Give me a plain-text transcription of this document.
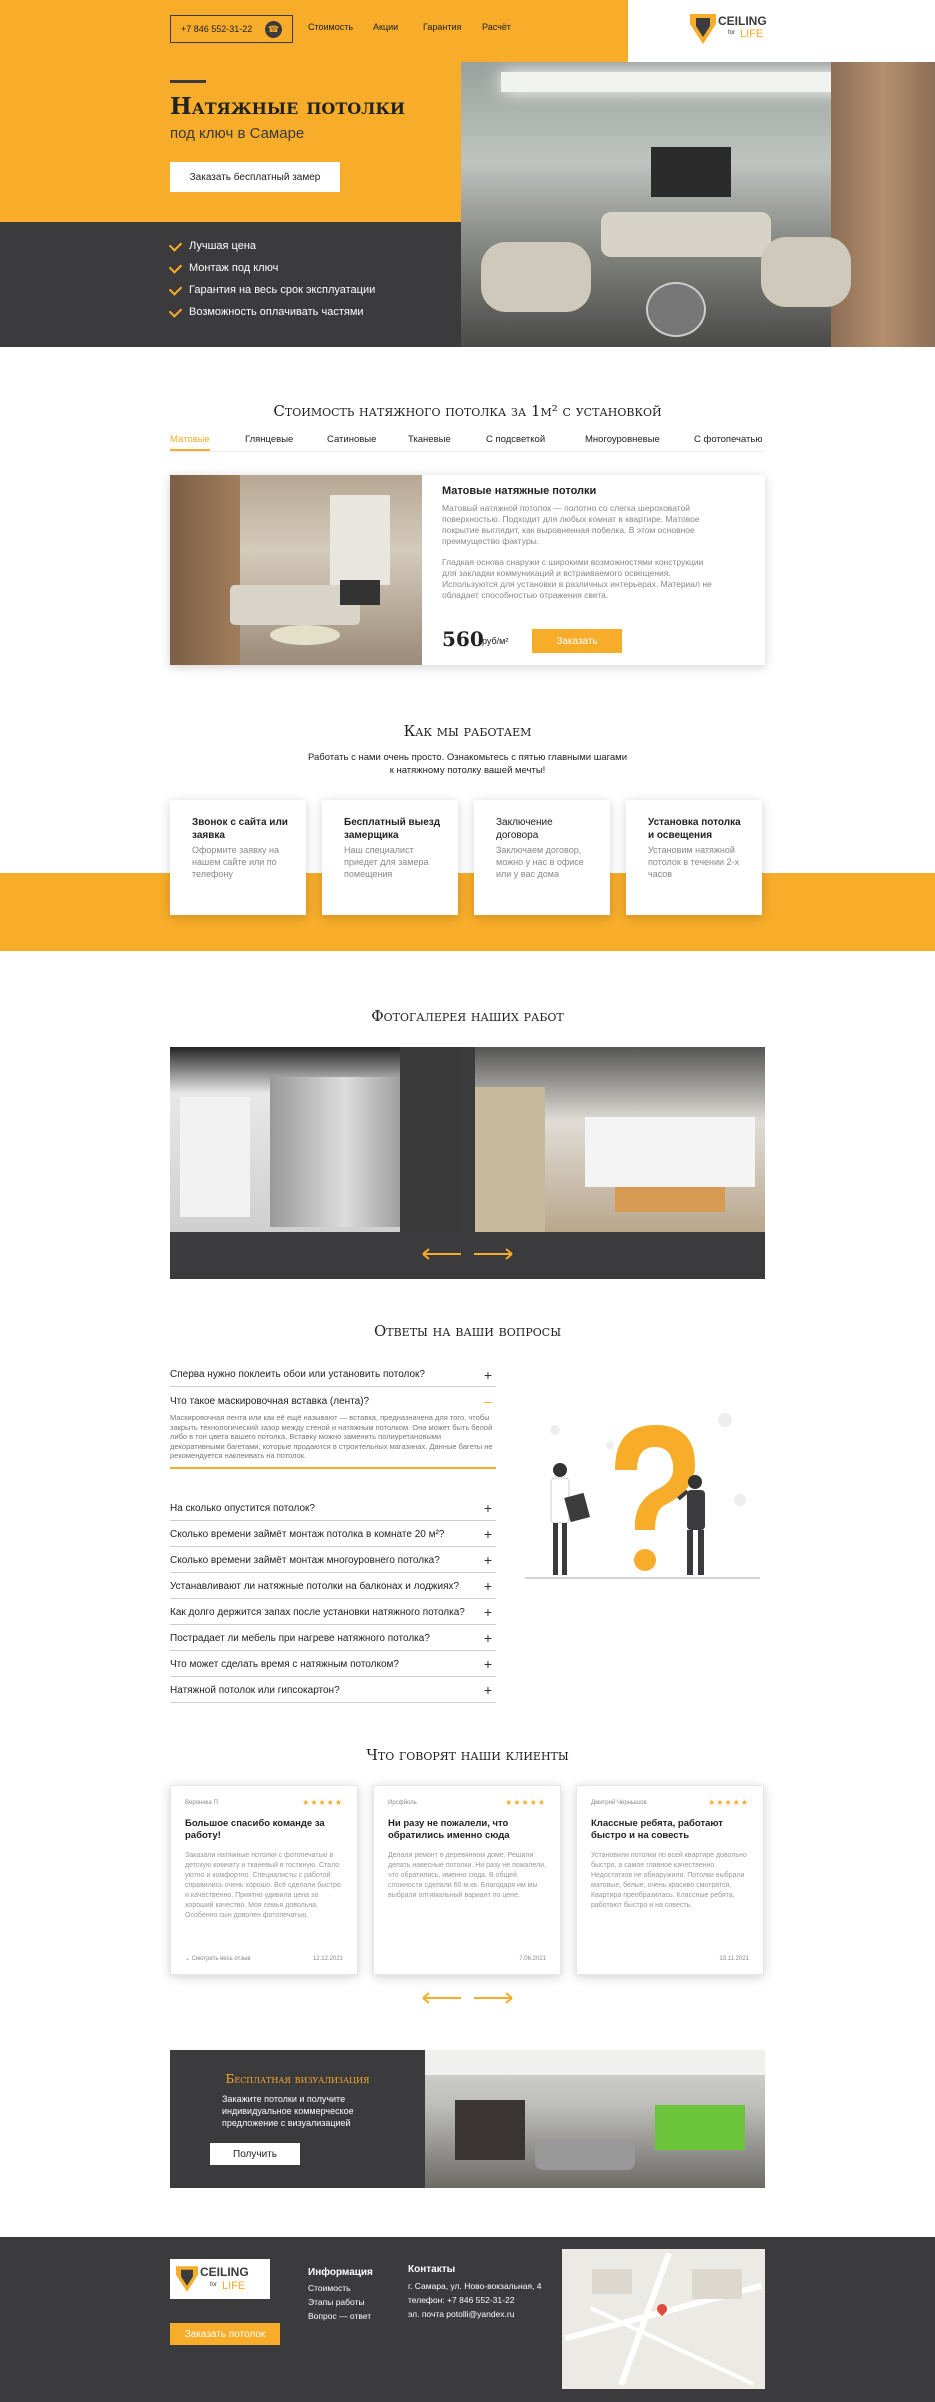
+7 846 552-31-22	☎	Стоимость Акции	Гарантия Расчёт	CEILING
for LIFE
Натяжные потолки
под ключ в Самаре
Заказать бесплатный замер
Лучшая цена
Монтаж под ключ
Гарантия на весь срок эксплуатации
Возможность оплачивать частями
Стоимость натяжного потолка за 1м² с установкой
Матовые	Глянцевые	Сатиновые	Тканевые	С подсветкой	Многоуровневые	С фотопечатью
Матовые натяжные потолки
Матовый натяжной потолок — полотно со слегка шероховатой поверхностью. Подходит для любых комнат в квартире. Матовое покрытие выглядит, как выровненная побелка. В этом основное преимущество фактуры.
Гладкая основа снаружи с широкими возможностями конструкции для закладки коммуникаций и встраиваемого освещения. Используются для установки в различных интерьерах. Материал не обладает способностью отражения света.
560
руб/м²	Заказать
Как мы работаем
Работать с нами очень просто. Ознакомьтесь с пятью главными шагами
к натяжному потолку вашей мечты!
Звонок с сайта или заявка
Оформите заявку на нашем сайте или по телефону
Бесплатный выезд замерщика
Наш специалист приедет для замера помещения
Заключение договора
Заключаем договор, можно у нас в офисе или у вас дома
Установка потолка и освещения
Установим натяжной потолок в течении 2-х часов
Фотогалерея наших работ
Ответы на ваши вопросы
Сперва нужно поклеить обои или установить потолок?	+
Что такое маскировочная вставка (лента)?	–
Маскировочная лента или как её ещё называют — вставка, предназначена для того, чтобы закрыть технологический зазор между стеной и натяжным потолком. Она может быть белой либо в тон цвета вашего потолка. Вставку можно заменить полиуретановыми декоративными багетами, которые продаются в строительных магазинах. Данные багеты не рекомендуется наклеивать на потолок.
На сколько опустится потолок?	+
Сколько времени займёт монтаж потолка в комнате 20 м²?	+
Сколько времени займёт монтаж многоуровнего потолка?	+
Устанавливают ли натяжные потолки на балконах и лоджиях? +
Как долго держится запах после установки натяжного потолка? +
Пострадает ли мебель при нагреве натяжного потолка?	+
Что может сделать время с натяжным потолком?	+
Натяжной потолок или гипсокартон?	+
Что говорят наши клиенты
Вероника П	★★★★★
Большое спасибо команде за работу!
Заказали натяжные потолки с фотопечатью в детскую комнату и тканевый в гостиную. Стало уютно и комфортно. Специалисты с работой справились очень хорошо. Всё сделали быстро и качественно. Приятно удивила цена за хороший качество. Моя семья довольна. Особенно сын доволен фотопечатью.
⌄ Смотреть весь отзыв	12.12.2021
Ирсфйоль	★★★★★
Ни разу не пожалели, что обратились именно сюда
Делали ремонт в деревянном доме. Решили делать навесные потолки. Ни разу не пожалели, что обратились, именно сюда. В общей сложности сделали 60 м.кв. Благодаря им мы выбрали оптимальный вариант по цене.
7.06.2021
Дмитрий Чернышов	★★★★★
Классные ребята, работают быстро и на совесть
Установили потолки по всей квартире довольно быстро, а самое главное качественно. Недостатков не обнаружили. Потолки выбрали матовые, белые, очень красиво смотрятся. Квартира преобразилась. Классные ребята, работают быстро и на совесть.
13.11.2021
Бесплатная визуализация
Закажите потолки и получите индивидуальное коммерческое предложение с визуализацией
Получить
CEILING
for LIFE
Заказать потолок
Информация
Стоимость
Этапы работы
Вопрос — ответ
Контакты
г. Самара, ул. Ново-вокзальная, 4
телефон: +7 846 552-31-22
эл. почта potolli@yandex.ru
